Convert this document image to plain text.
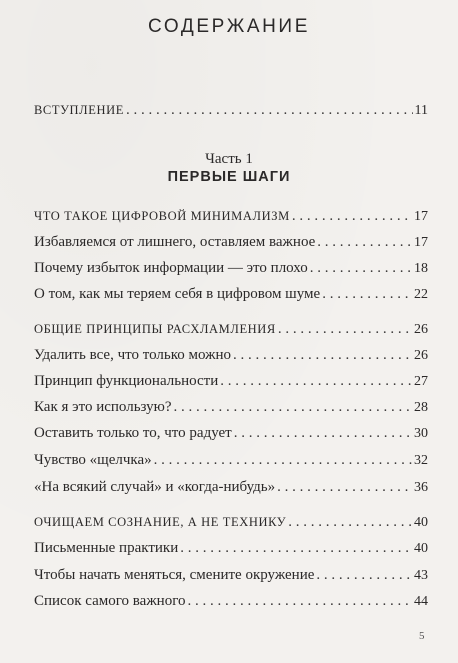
СОДЕРЖАНИЕ
ВСТУПЛЕНИЕ . . .	11
Часть 1
ПЕРВЫЕ ШАГИ
ЧТО ТАКОЕ ЦИФРОВОЙ МИНИМАЛИЗМ . . .	17
Избавляемся от лишнего, оставляем важное . . .	17
Почему избыток информации — это плохо . . .	18
О том, как мы теряем себя в цифровом шуме . . .	22
ОБЩИЕ ПРИНЦИПЫ РАСХЛАМЛЕНИЯ . . .	26
Удалить все, что только можно . . .	26
Принцип функциональности . . .	27
Как я это использую? . . .	28
Оставить только то, что радует . . .	30
Чувство «щелчка» . . .	32
«На всякий случай» и «когда-нибудь» . . .	36
ОЧИЩАЕМ СОЗНАНИЕ, А НЕ ТЕХНИКУ . . .	40
Письменные практики . . .	40
Чтобы начать меняться, смените окружение . . .	43
Список самого важного . . .	44
5
